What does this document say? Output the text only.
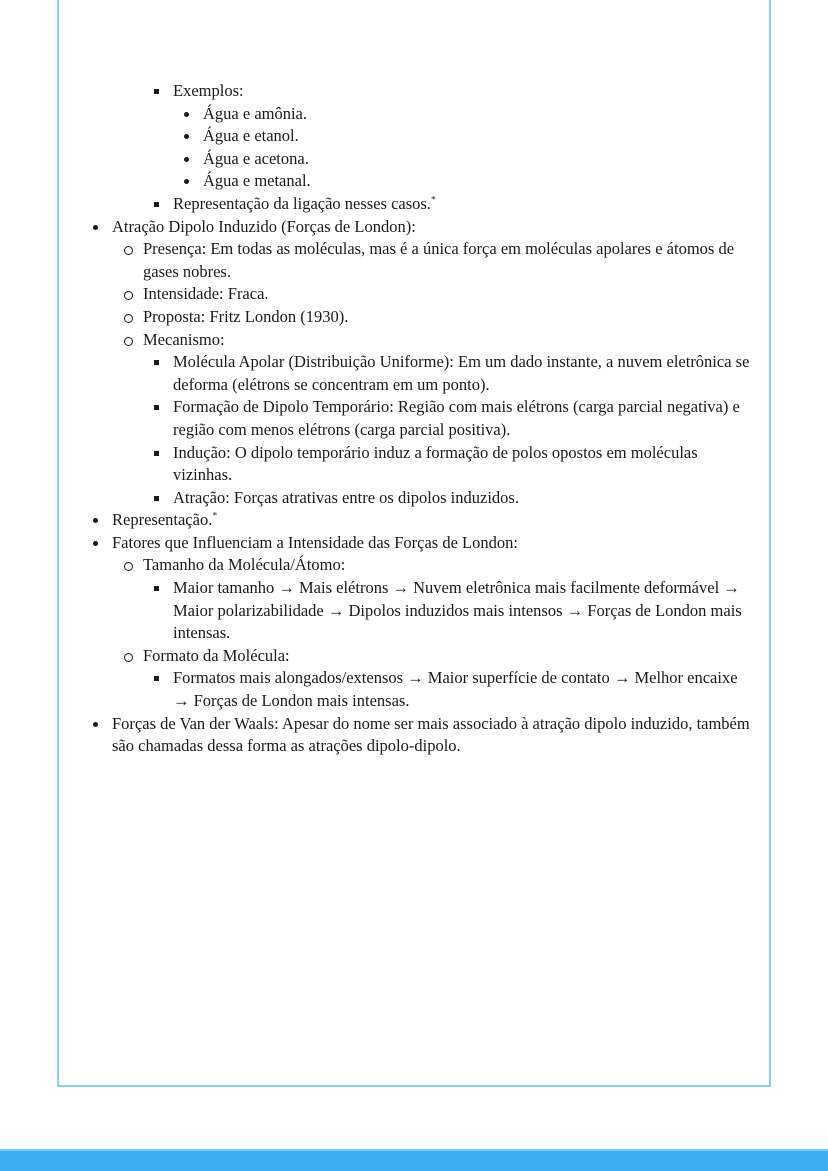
Exemplos:
Água e amônia.
Água e etanol.
Água e acetona.
Água e metanal.
Representação da ligação nesses casos.*
Atração Dipolo Induzido (Forças de London):
Presença: Em todas as moléculas, mas é a única força em moléculas apolares e átomos de gases nobres.
Intensidade: Fraca.
Proposta: Fritz London (1930).
Mecanismo:
Molécula Apolar (Distribuição Uniforme): Em um dado instante, a nuvem eletrônica se deforma (elétrons se concentram em um ponto).
Formação de Dipolo Temporário: Região com mais elétrons (carga parcial negativa) e região com menos elétrons (carga parcial positiva).
Indução: O dipolo temporário induz a formação de polos opostos em moléculas vizinhas.
Atração: Forças atrativas entre os dipolos induzidos.
Representação.*
Fatores que Influenciam a Intensidade das Forças de London:
Tamanho da Molécula/Átomo:
Maior tamanho → Mais elétrons → Nuvem eletrônica mais facilmente deformável → Maior polarizabilidade → Dipolos induzidos mais intensos → Forças de London mais intensas.
Formato da Molécula:
Formatos mais alongados/extensos → Maior superfície de contato → Melhor encaixe → Forças de London mais intensas.
Forças de Van der Waals: Apesar do nome ser mais associado à atração dipolo induzido, também são chamadas dessa forma as atrações dipolo-dipolo.
